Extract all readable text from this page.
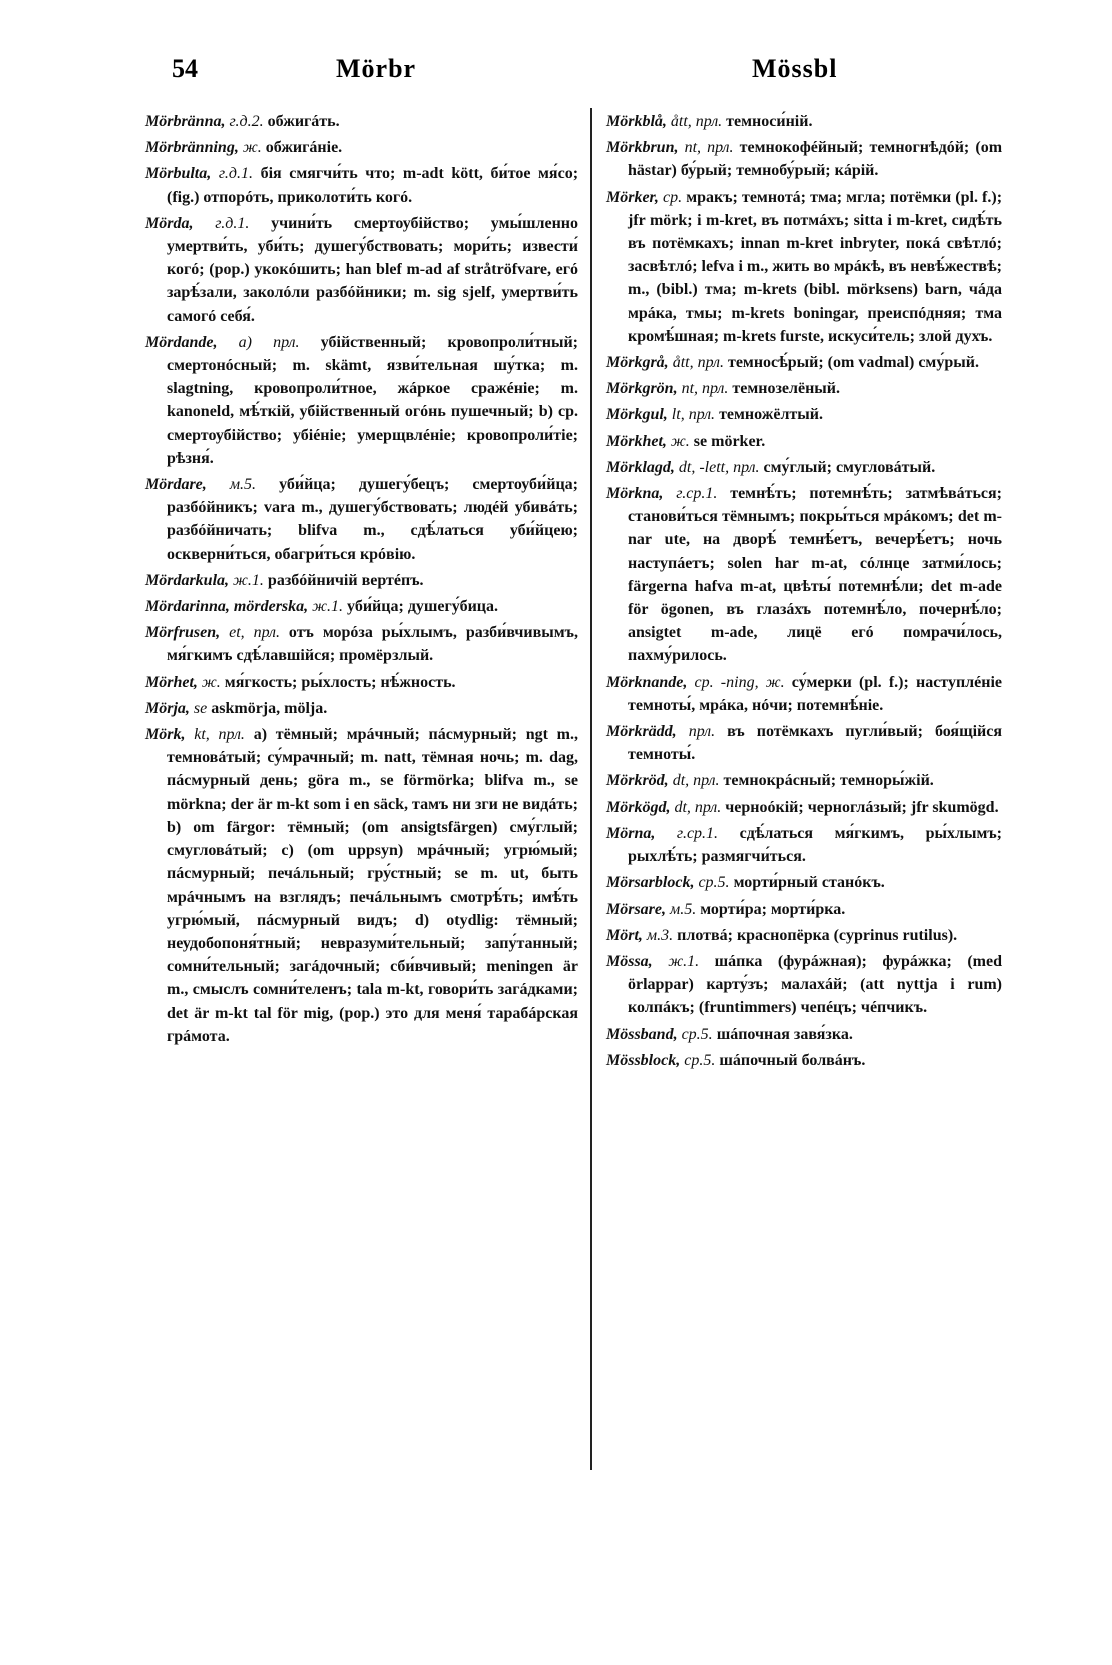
54	Mörbr	Mössbl

Mörbränna, г.д.2. обжигáть.

Mörbränning, ж. обжигáніе.

Mörbulta, г.д.1. бія смягчи́ть что; m-adt kött, би́тое мя́со; (fig.) отпорóть, приколоти́ть когó.

Mörda, г.д.1. учини́ть смертоубійство; умы́шленно умертви́ть, уби́ть; душегу́бствовать; мори́ть; извести́ когó; (pop.) укокóшить; han blef m-ad af stråtröfvare, егó зарѣ́зали, заколóли разбóйники; m. sig sjelf, умертви́ть самогó себя́.

Mördande, a) прл. убійственный; кровопроли́тный; смертонóсный; m. skämt, язви́тельная шу́тка; m. slagtning, кровопроли́тное, жáркое сражéніе; m. kanoneld, мѣ́ткій, убійственный огóнь пушечный; b) ср. смертоубійство; убіéніе; умерщвлéніе; кровопроли́тіе; рѣзня́.

Mördare, м.5. уби́йца; душегу́бецъ; смертоуби́йца; разбóйникъ; vara m., душегу́бствовать; людéй убивáть; разбóйничать; blifva m., сдѣ́латься уби́йцею; оскверни́ться, обагри́ться крóвію.

Mördarkula, ж.1. разбóйничій вертéпъ.

Mördarinna, mörderska, ж.1. уби́йца; душегу́бица.

Mörfrusen, et, прл. отъ морóза ры́хлымъ, разби́вчивымъ, мя́гкимъ сдѣ́лавшійся; промёрзлый.

Mörhet, ж. мя́гкость; ры́хлость; нѣ́жность.

Mörja, se askmörja, mölja.

Mörk, kt, прл. a) тёмный; мрáчный; пáсмурный; ngt m., темновáтый; су́мрачный; m. natt, тёмная ночь; m. dag, пáсмурный день; göra m., se förmörka; blifva m., se mörkna; der är m-kt som i en säck, тамъ ни зги не видáть; b) om färgor: тёмный; (om ansigtsfärgen) сму́глый; смугловáтый; c) (om uppsyn) мрáчный; угрю́мый; пáсмурный; печáльный; гру́стный; se m. ut, быть мрáчнымъ на взглядъ; печáльнымъ смотрѣ́ть; имѣ́ть угрю́мый, пáсмурный видъ; d) otydlig: тёмный; неудобопоня́тный; невразуми́тельный; запу́танный; сомни́тельный; загáдочный; сби́вчивый; meningen är m., смыслъ сомни́теленъ; tala m-kt, говори́ть загáдками; det är m-kt tal för mig, (pop.) это для меня́ тарабáрская грáмота.

Mörkblå, ått, прл. темноси́ній.

Mörkbrun, nt, прл. темнокофéйный; темногнѣдóй; (om hästar) бу́рый; темнобу́рый; кáрій.

Mörker, ср. мракъ; темнотá; тма; мгла; потёмки (pl. f.); jfr mörk; i m-kret, въ потмáхъ; sitta i m-kret, сидѣ́ть въ потёмкахъ; innan m-kret inbryter, покá свѣтлó; засвѣтлó; lefva i m., жить во мрáкѣ, въ невѣ́жествѣ; m., (bibl.) тма; m-krets (bibl. mörksens) barn, чáда мрáка, тмы; m-krets boningar, преиспóдняя; тма кромѣ́шная; m-krets furste, искуси́тель; злой духъ.

Mörkgrå, ått, прл. темносѣ́рый; (om vadmal) сму́рый.

Mörkgrön, nt, прл. темнозелёный.

Mörkgul, lt, прл. темножёлтый.

Mörkhet, ж. se mörker.

Mörklagd, dt, -lett, прл. сму́глый; смугловáтый.

Mörkna, г.ср.1. темнѣ́ть; потемнѣ́ть; затмѣвáться; станови́ться тёмнымъ; покры́ться мрáкомъ; det m-nar ute, на дворѣ́ темнѣ́етъ, вечерѣ́етъ; ночь наступáетъ; solen har m-at, сóлнце затми́лось; färgerna hafva m-at, цвѣты́ потемнѣ́ли; det m-ade för ögonen, въ глазáхъ потемнѣ́ло, почернѣ́ло; ansigtet m-ade, лицё егó помрачи́лось, пахму́рилось.

Mörknande, ср. -ning, ж. су́мерки (pl. f.); наступлéніе темноты́, мрáка, нóчи; потемнѣ́ніе.

Mörkrädd, прл. въ потёмкахъ пугли́вый; боя́щійся темноты́.

Mörkröd, dt, прл. темнокрáсный; темноры́жій.

Mörkögd, dt, прл. черноóкій; черноглáзый; jfr skumögd.

Mörna, г.ср.1. сдѣ́латься мя́гкимъ, ры́хлымъ; рыхлѣ́ть; размягчи́ться.

Mörsarblock, ср.5. морти́рный станóкъ.

Mörsare, м.5. морти́ра; морти́рка.

Mört, м.3. плотвá; краснопёрка (cyprinus rutilus).

Mössa, ж.1. шáпка (фурáжная); фурáжка; (med örlappar) карту́зъ; малахáй; (att nyttja i rum) колпáкъ; (fruntimmers) чепéцъ; чéпчикъ.

Mössband, ср.5. шáпочная завя́зка.

Mössblock, ср.5. шáпочный болвáнъ.
